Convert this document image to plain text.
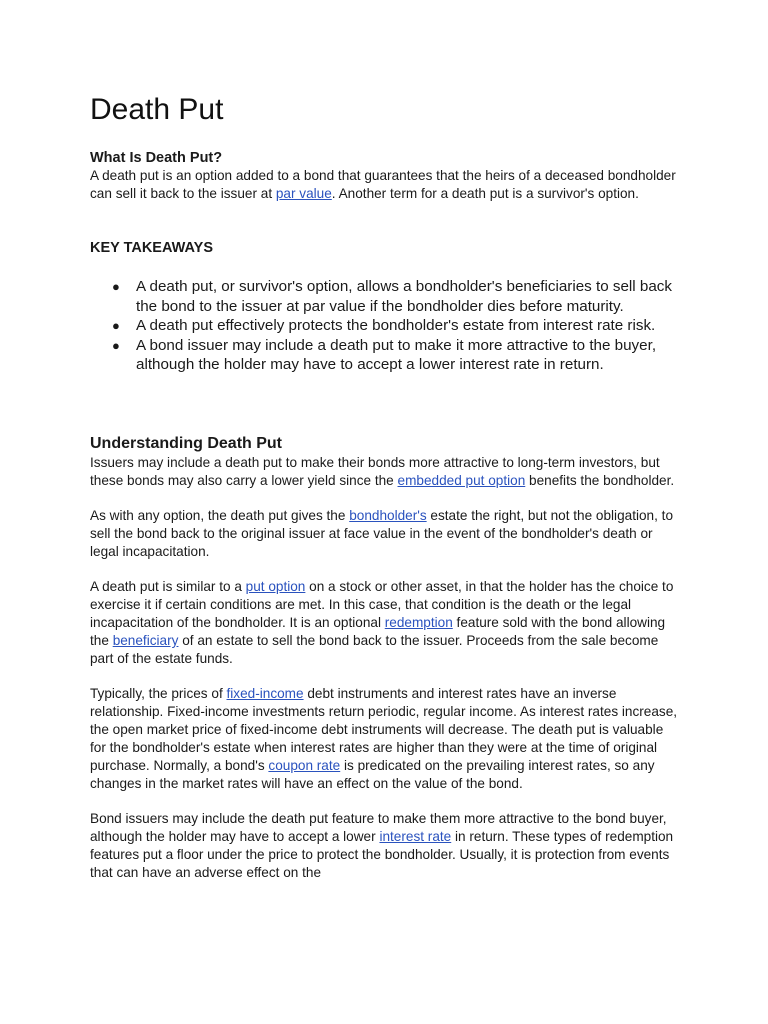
Death Put

What Is Death Put?

A death put is an option added to a bond that guarantees that the heirs of a deceased bondholder can sell it back to the issuer at par value. Another term for a death put is a survivor's option.

KEY TAKEAWAYS

● A death put, or survivor's option, allows a bondholder's beneficiaries to sell back the bond to the issuer at par value if the bondholder dies before maturity.
● A death put effectively protects the bondholder's estate from interest rate risk.
● A bond issuer may include a death put to make it more attractive to the buyer, although the holder may have to accept a lower interest rate in return.

Understanding Death Put

Issuers may include a death put to make their bonds more attractive to long-term investors, but these bonds may also carry a lower yield since the embedded put option benefits the bondholder.

As with any option, the death put gives the bondholder's estate the right, but not the obligation, to sell the bond back to the original issuer at face value in the event of the bondholder's death or legal incapacitation.

A death put is similar to a put option on a stock or other asset, in that the holder has the choice to exercise it if certain conditions are met. In this case, that condition is the death or the legal incapacitation of the bondholder. It is an optional redemption feature sold with the bond allowing the beneficiary of an estate to sell the bond back to the issuer. Proceeds from the sale become part of the estate funds.

Typically, the prices of fixed-income debt instruments and interest rates have an inverse relationship. Fixed-income investments return periodic, regular income. As interest rates increase, the open market price of fixed-income debt instruments will decrease. The death put is valuable for the bondholder's estate when interest rates are higher than they were at the time of original purchase. Normally, a bond's coupon rate is predicated on the prevailing interest rates, so any changes in the market rates will have an effect on the value of the bond.

Bond issuers may include the death put feature to make them more attractive to the bond buyer, although the holder may have to accept a lower interest rate in return. These types of redemption features put a floor under the price to protect the bondholder. Usually, it is protection from events that can have an adverse effect on the
